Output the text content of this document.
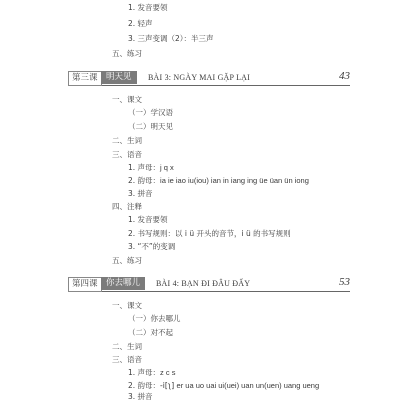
1. 发音要领
2. 轻声
3. 三声变调（2）：半三声
五、练习
第三课 明天见	BÀI 3: NGÀY MAI GẶP LẠI	43
一、课文
（一）学汉语
（二）明天见
二、生词
三、语音
1. 声母：j q x
2. 韵母：ia ie iao iu(iou) ian in iang ing üe üan ün iong
3. 拼音
四、注释
1. 发音要领
2. 书写规则：以 i ü 开头的音节，i ü 的书写规则
3. “不”的变调
五、练习
第四课 你去哪儿	BÀI 4: BẠN ĐI ĐÂU ĐẤY	53
一、课文
（一）你去哪儿
（二）对不起
二、生词
三、语音
1. 声母：z c s
2. 韵母：-i[ʅ] er ua uo uai ui(uei) uan un(uen) uang ueng
3. 拼音
